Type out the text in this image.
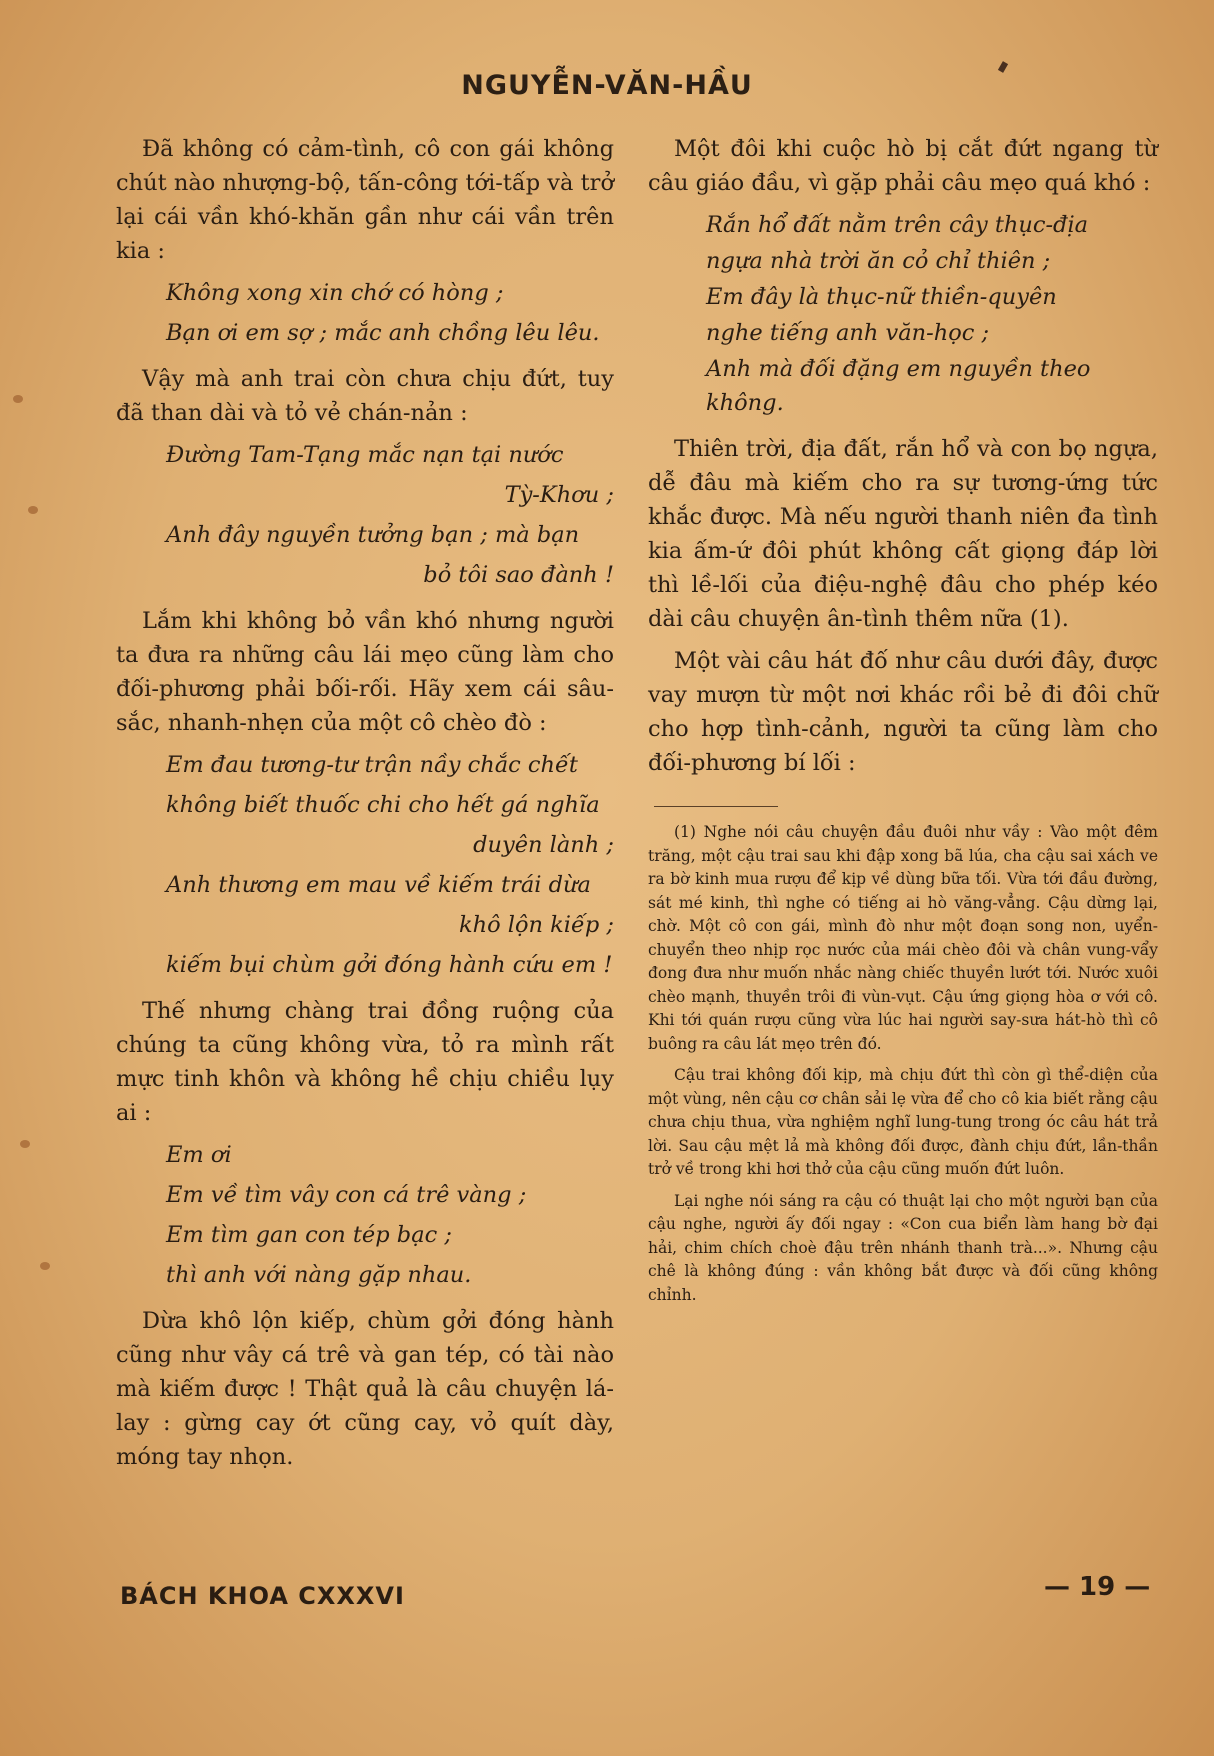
NGUYỄN-VĂN-HẦU

Đã không có cảm-tình, cô con gái không chút nào nhượng-bộ, tấn-công tới-tấp và trở lại cái vần khó-khăn gần như cái vần trên kia :

Không xong xin chớ có hòng ;
Bạn ơi em sợ ; mắc anh chồng lêu lêu.

Vậy mà anh trai còn chưa chịu đứt, tuy đã than dài và tỏ vẻ chán-nản :

Đường Tam-Tạng mắc nạn tại nước
Tỳ-Khơu ;
Anh đây nguyền tưởng bạn ; mà bạn
bỏ tôi sao đành !

Lắm khi không bỏ vần khó nhưng người ta đưa ra những câu lái mẹo cũng làm cho đối-phương phải bối-rối. Hãy xem cái sâu-sắc, nhanh-nhẹn của một cô chèo đò :

Em đau tương-tư trận nầy chắc chết
không biết thuốc chi cho hết gá nghĩa
duyên lành ;
Anh thương em mau về kiếm trái dừa
khô lộn kiếp ;
kiếm bụi chùm gởi đóng hành cứu em !

Thế nhưng chàng trai đồng ruộng của chúng ta cũng không vừa, tỏ ra mình rất mực tinh khôn và không hề chịu chiều lụy ai :

Em ơi
Em về tìm vây con cá trê vàng ;
Em tìm gan con tép bạc ;
thì anh với nàng gặp nhau.

Dừa khô lộn kiếp, chùm gởi đóng hành cũng như vây cá trê và gan tép, có tài nào mà kiếm được ! Thật quả là câu chuyện lá-lay : gừng cay ớt cũng cay, vỏ quít dày, móng tay nhọn.

Một đôi khi cuộc hò bị cắt đứt ngang từ câu giáo đầu, vì gặp phải câu mẹo quá khó :

Rắn hổ đất nằm trên cây thục-địa
ngựa nhà trời ăn cỏ chỉ thiên ;
Em đây là thục-nữ thiền-quyên
nghe tiếng anh văn-học ;
Anh mà đối đặng em nguyền theo không.

Thiên trời, địa đất, rắn hổ và con bọ ngựa, dễ đâu mà kiếm cho ra sự tương-ứng tức khắc được. Mà nếu người thanh niên đa tình kia ấm-ứ đôi phút không cất giọng đáp lời thì lề-lối của điệu-nghệ đâu cho phép kéo dài câu chuyện ân-tình thêm nữa (1).

Một vài câu hát đố như câu dưới đây, được vay mượn từ một nơi khác rồi bẻ đi đôi chữ cho hợp tình-cảnh, người ta cũng làm cho đối-phương bí lối :

(1) Nghe nói câu chuyện đầu đuôi như vầy : Vào một đêm trăng, một cậu trai sau khi đập xong bã lúa, cha cậu sai xách ve ra bờ kinh mua rượu để kịp về dùng bữa tối. Vừa tới đầu đường, sát mé kinh, thì nghe có tiếng ai hò văng-vẳng. Cậu dừng lại, chờ. Một cô con gái, mình đò như một đoạn song non, uyển-chuyển theo nhịp rọc nước của mái chèo đôi và chân vung-vẩy đong đưa như muốn nhắc nàng chiếc thuyền lướt tới. Nước xuôi chèo mạnh, thuyền trôi đi vùn-vụt. Cậu ứng giọng hòa ơ với cô. Khi tới quán rượu cũng vừa lúc hai người say-sưa hát-hò thì cô buông ra câu lát mẹo trên đó.

Cậu trai không đối kịp, mà chịu đứt thì còn gì thể-diện của một vùng, nên cậu cơ chân sải lẹ vừa để cho cô kia biết rằng cậu chưa chịu thua, vừa nghiệm nghĩ lung-tung trong óc câu hát trả lời. Sau cậu mệt lả mà không đối được, đành chịu đứt, lần-thần trở về trong khi hơi thở của cậu cũng muốn đứt luôn.

Lại nghe nói sáng ra cậu có thuật lại cho một người bạn của cậu nghe, người ấy đối ngay : «Con cua biển làm hang bờ đại hải, chim chích choè đậu trên nhánh thanh trà...». Nhưng cậu chê là không đúng : vần không bắt được và đối cũng không chỉnh.

BÁCH KHOA CXXXVI	— 19 —
